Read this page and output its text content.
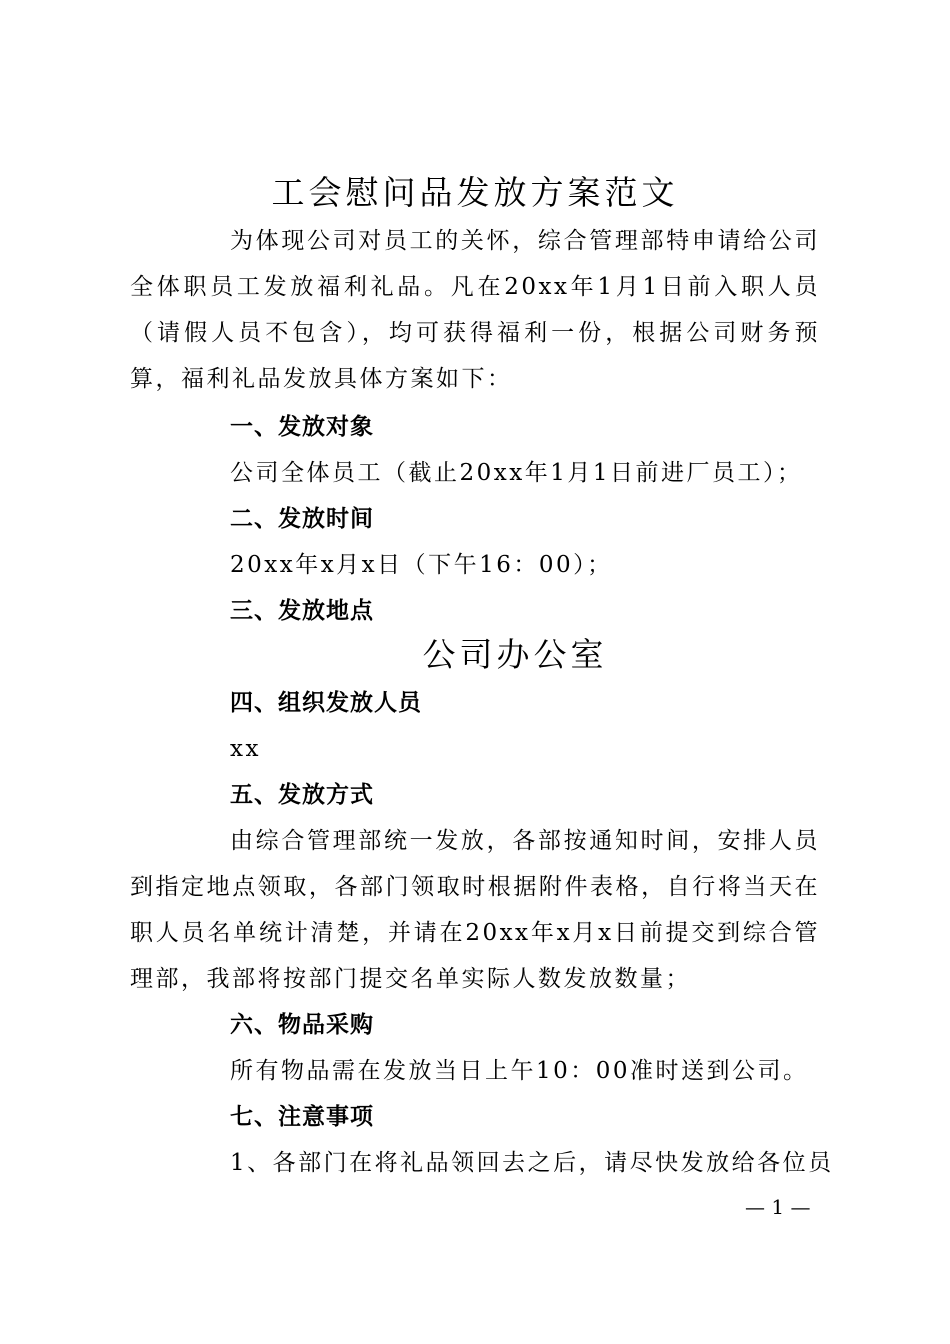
工会慰问品发放方案范文

为体现公司对员工的关怀，综合管理部特申请给公司全体职员工发放福利礼品。凡在20xx年1月1日前入职人员（请假人员不包含），均可获得福利一份，根据公司财务预算，福利礼品发放具体方案如下：

一、发放对象
公司全体员工（截止20xx年1月1日前进厂员工）；
二、发放时间
20xx年x月x日（下午16：00）；
三、发放地点
公司办公室
四、组织发放人员
xx
五、发放方式

由综合管理部统一发放，各部按通知时间，安排人员到指定地点领取，各部门领取时根据附件表格，自行将当天在职人员名单统计清楚，并请在20xx年x月x日前提交到综合管理部，我部将按部门提交名单实际人数发放数量；

六、物品采购
所有物品需在发放当日上午10：00准时送到公司。
七、注意事项
1、各部门在将礼品领回去之后，请尽快发放给各位员
— 1 —
